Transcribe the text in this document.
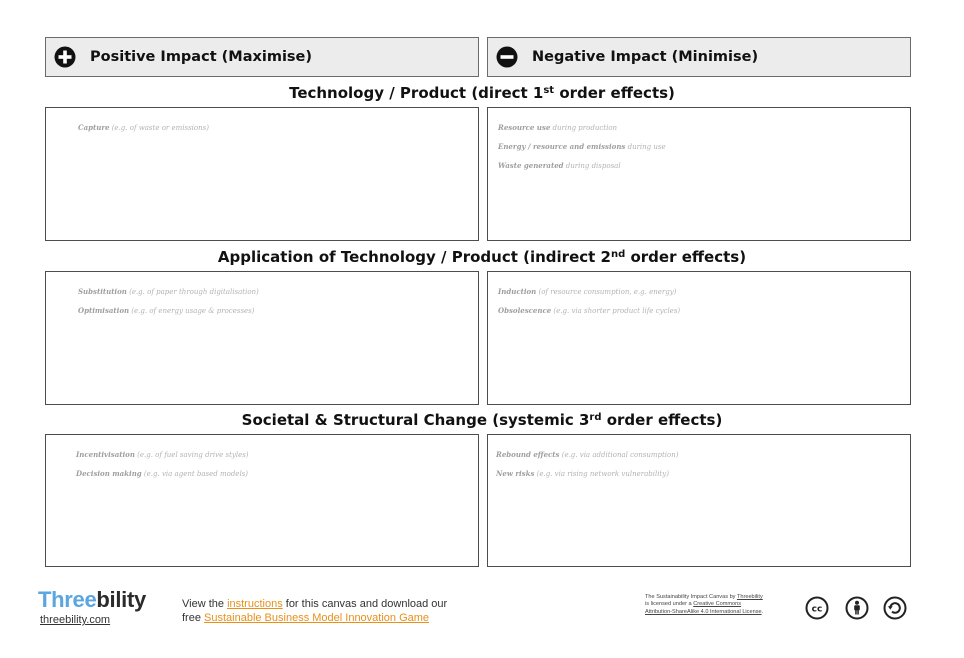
Positive Impact (Maximise)	Negative Impact (Minimise)
Technology / Product (direct 1st order effects)
Capture (e.g. of waste or emissions)	Resource use during production
Energy / resource and emissions during use
Waste generated during disposal
Application of Technology / Product (indirect 2nd order effects)
Substitution (e.g. of paper through digitalisation)
Optimisation (e.g. of energy usage & processes)
Induction (of resource consumption, e.g. energy)
Obsolescence (e.g. via shorter product life cycles)
Societal & Structural Change (systemic 3rd order effects)
Incentivisation (e.g. of fuel saving drive styles)
Decision making (e.g. via agent based models)
Rebound effects (e.g. via additional consumption)
New risks (e.g. via rising network vulnerability)
Threebility
threebility.com
View the instructions for this canvas and download our
free Sustainable Business Model Innovation Game
The Sustainability Impact Canvas by Threebility
is licensed under a Creative Commons
Attribution-ShareAlike 4.0 International License.	cc
